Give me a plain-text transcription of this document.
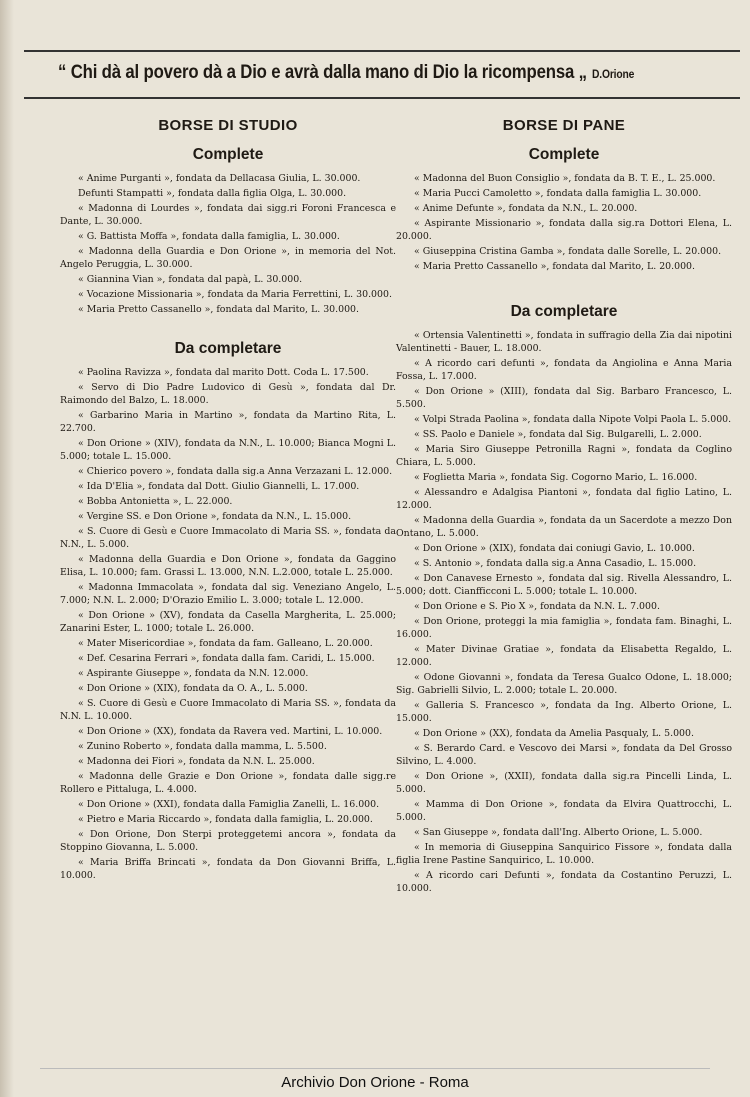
“ Chi dà al povero dà a Dio e avrà dalla mano di Dio la ricompensa „ D.Orione
BORSE DI STUDIO
Complete

« Anime Purganti », fondata da Dellacasa Giulia, L. 30.000.

Defunti Stampatti », fondata dalla figlia Olga, L. 30.000.

« Madonna di Lourdes », fondata dai sigg.ri Foroni Francesca e Dante, L. 30.000.

« G. Battista Moffa », fondata dalla famiglia, L. 30.000.

« Madonna della Guardia e Don Orione », in memoria del Not. Angelo Peruggia, L. 30.000.

« Giannina Vian », fondata dal papà, L. 30.000.

« Vocazione Missionaria », fondata da Maria Ferrettini, L. 30.000.

« Maria Pretto Cassanello », fondata dal Marito, L. 30.000.

Da completare

« Paolina Ravizza », fondata dal marito Dott. Coda L. 17.500.

« Servo di Dio Padre Ludovico di Gesù », fondata dal Dr. Raimondo del Balzo, L. 18.000.

« Garbarino Maria in Martino », fondata da Martino Rita, L. 22.700.

« Don Orione » (XIV), fondata da N.N., L. 10.000; Bianca Mogni L. 5.000; totale L. 15.000.

« Chierico povero », fondata dalla sig.a Anna Verzazani L. 12.000.

« Ida D'Elia », fondata dal Dott. Giulio Giannelli, L. 17.000.

« Bobba Antonietta », L. 22.000.

« Vergine SS. e Don Orione », fondata da N.N., L. 15.000.

« S. Cuore di Gesù e Cuore Immacolato di Maria SS. », fondata da N.N., L. 5.000.

« Madonna della Guardia e Don Orione », fondata da Gaggino Elisa, L. 10.000; fam. Grassi L. 13.000, N.N. L.2.000, totale L. 25.000.

« Madonna Immacolata », fondata dal sig. Veneziano Angelo, L. 7.000; N.N. L. 2.000; D'Orazio Emilio L. 3.000; totale L. 12.000.

« Don Orione » (XV), fondata da Casella Margherita, L. 25.000; Zanarini Ester, L. 1000; totale L. 26.000.

« Mater Misericordiae », fondata da fam. Galleano, L. 20.000.

« Def. Cesarina Ferrari », fondata dalla fam. Caridi, L. 15.000.

« Aspirante Giuseppe », fondata da N.N. 12.000.

« Don Orione » (XIX), fondata da O. A., L. 5.000.

« S. Cuore di Gesù e Cuore Immacolato di Maria SS. », fondata da N.N. L. 10.000.

« Don Orione » (XX), fondata da Ravera ved. Martini, L. 10.000.

« Zunino Roberto », fondata dalla mamma, L. 5.500.

« Madonna dei Fiori », fondata da N.N. L. 25.000.

« Madonna delle Grazie e Don Orione », fondata dalle sigg.re Rollero e Pittaluga, L. 4.000.

« Don Orione » (XXI), fondata dalla Famiglia Zanelli, L. 16.000.

« Pietro e Maria Riccardo », fondata dalla famiglia, L. 20.000.

« Don Orione, Don Sterpi proteggetemi ancora », fondata da Stoppino Giovanna, L. 5.000.

« Maria Briffa Brincati », fondata da Don Giovanni Briffa, L. 10.000.

BORSE DI PANE
Complete

« Madonna del Buon Consiglio », fondata da B. T. E., L. 25.000.

« Maria Pucci Camoletto », fondata dalla famiglia L. 30.000.

« Anime Defunte », fondata da N.N., L. 20.000.

« Aspirante Missionario », fondata dalla sig.ra Dottori Elena, L. 20.000.

« Giuseppina Cristina Gamba », fondata dalle Sorelle, L. 20.000.

« Maria Pretto Cassanello », fondata dal Marito, L. 20.000.

Da completare

« Ortensia Valentinetti », fondata in suffragio della Zia dai nipotini Valentinetti - Bauer, L. 18.000.

« A ricordo cari defunti », fondata da Angiolina e Anna Maria Fossa, L. 17.000.

« Don Orione » (XIII), fondata dal Sig. Barbaro Francesco, L. 5.500.

« Volpi Strada Paolina », fondata dalla Nipote Volpi Paola L. 5.000.

« SS. Paolo e Daniele », fondata dal Sig. Bulgarelli, L. 2.000.

« Maria Siro Giuseppe Petronilla Ragni », fondata da Coglino Chiara, L. 5.000.

« Foglietta Maria », fondata Sig. Cogorno Mario, L. 16.000.

« Alessandro e Adalgisa Piantoni », fondata dal figlio Latino, L. 12.000.

« Madonna della Guardia », fondata da un Sacerdote a mezzo Don Ontano, L. 5.000.

« Don Orione » (XIX), fondata dai coniugi Gavio, L. 10.000.

« S. Antonio », fondata dalla sig.a Anna Casadio, L. 15.000.

« Don Canavese Ernesto », fondata dal sig. Rivella Alessandro, L. 5.000; dott. Cianfficconi L. 5.000; totale L. 10.000.

« Don Orione e S. Pio X », fondata da N.N. L. 7.000.

« Don Orione, proteggi la mia famiglia », fondata fam. Binaghi, L. 16.000.

« Mater Divinae Gratiae », fondata da Elisabetta Regaldo, L. 12.000.

« Odone Giovanni », fondata da Teresa Gualco Odone, L. 18.000; Sig. Gabrielli Silvio, L. 2.000; totale L. 20.000.

« Galleria S. Francesco », fondata da Ing. Alberto Orione, L. 15.000.

« Don Orione » (XX), fondata da Amelia Pasqualy, L. 5.000.

« S. Berardo Card. e Vescovo dei Marsi », fondata da Del Grosso Silvino, L. 4.000.

« Don Orione », (XXII), fondata dalla sig.ra Pincelli Linda, L. 5.000.

« Mamma di Don Orione », fondata da Elvira Quattrocchi, L. 5.000.

« San Giuseppe », fondata dall'Ing. Alberto Orione, L. 5.000.

« In memoria di Giuseppina Sanquirico Fissore », fondata dalla figlia Irene Pastine Sanquirico, L. 10.000.

« A ricordo cari Defunti », fondata da Costantino Peruzzi, L. 10.000.

Archivio Don Orione - Roma
